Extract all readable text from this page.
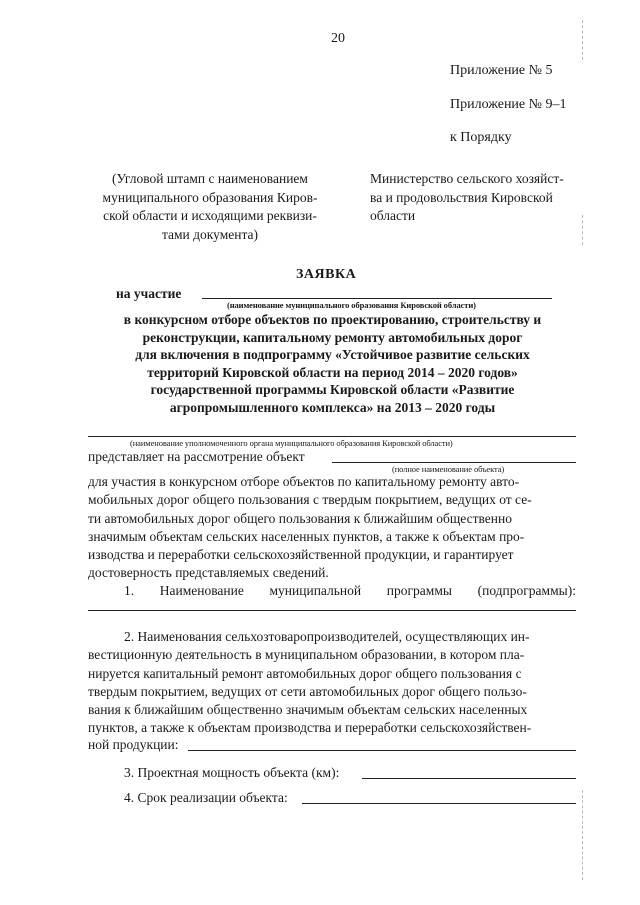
20
Приложение № 5
Приложение № 9–1
к Порядку
(Угловой штамп с наименованием
муниципального образования Киров-
ской области и исходящими реквизи-
тами документа)
Министерство сельского хозяйст-
ва и продовольствия Кировской
области
ЗАЯВКА
на участие
(наименование муниципального образования Кировской области)
в конкурсном отборе объектов по проектированию, строительству и
реконструкции, капитальному ремонту автомобильных дорог
для включения в подпрограмму «Устойчивое развитие сельских
территорий Кировской области на период 2014 – 2020 годов»
государственной программы Кировской области «Развитие
агропромышленного комплекса» на 2013 – 2020 годы
(наименование уполномоченного органа муниципального образования Кировской области)
представляет на рассмотрение объект
(полное наименование объекта)
для участия в конкурсном отборе объектов по капитальному ремонту авто-
мобильных дорог общего пользования с твердым покрытием, ведущих от се-
ти автомобильных дорог общего пользования к ближайшим общественно
значимым объектам сельских населенных пунктов, а также к объектам про-
изводства и переработки сельскохозяйственной продукции, и гарантирует
достоверность представляемых сведений.
1. Наименование муниципальной программы (подпрограммы):
2. Наименования сельхозтоваропроизводителей, осуществляющих ин-
вестиционную деятельность в муниципальном образовании, в котором пла-
нируется капитальный ремонт автомобильных дорог общего пользования с
твердым покрытием, ведущих от сети автомобильных дорог общего пользо-
вания к ближайшим общественно значимым объектам сельских населенных
пунктов, а также к объектам производства и переработки сельскохозяйствен-
ной продукции:
3. Проектная мощность объекта (км):
4. Срок реализации объекта:
